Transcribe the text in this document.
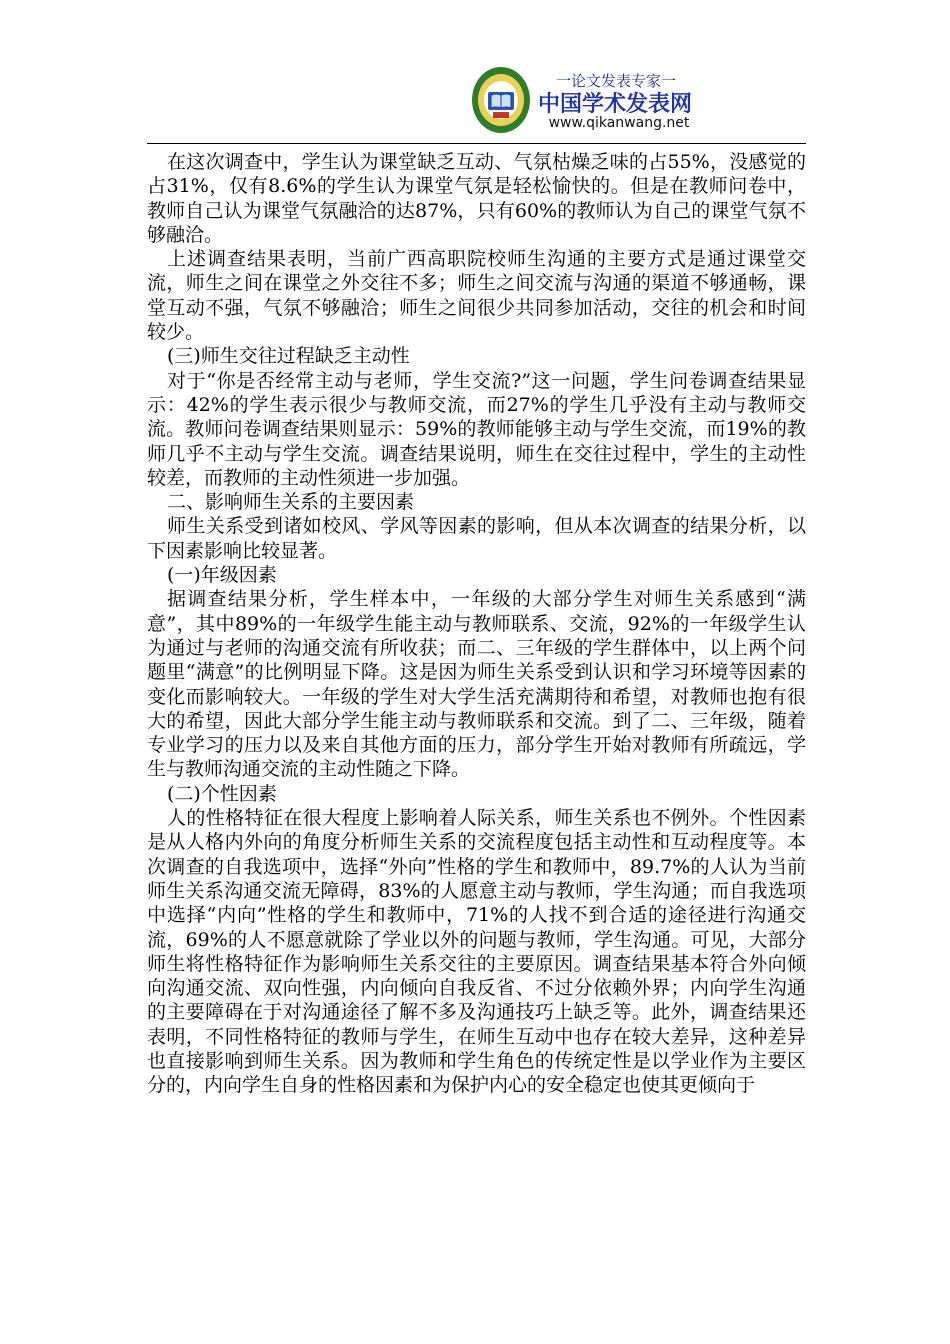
一论文发表专家一
中国学术发表网
www.qikanwang.net

在这次调查中，学生认为课堂缺乏互动、气氛枯燥乏味的占55%，没感觉的占31%，仅有8.6%的学生认为课堂气氛是轻松愉快的。但是在教师问卷中，教师自己认为课堂气氛融洽的达87%，只有60%的教师认为自己的课堂气氛不够融洽。

上述调查结果表明，当前广西高职院校师生沟通的主要方式是通过课堂交流，师生之间在课堂之外交往不多；师生之间交流与沟通的渠道不够通畅，课堂互动不强，气氛不够融洽；师生之间很少共同参加活动，交往的机会和时间较少。

(三)师生交往过程缺乏主动性

对于“你是否经常主动与老师，学生交流?”这一问题，学生问卷调查结果显示：42%的学生表示很少与教师交流，而27%的学生几乎没有主动与教师交流。教师问卷调查结果则显示：59%的教师能够主动与学生交流，而19%的教师几乎不主动与学生交流。调查结果说明，师生在交往过程中，学生的主动性较差，而教师的主动性须进一步加强。

二、影响师生关系的主要因素

师生关系受到诸如校风、学风等因素的影响，但从本次调查的结果分析，以下因素影响比较显著。

(一)年级因素

据调查结果分析，学生样本中，一年级的大部分学生对师生关系感到“满意”，其中89%的一年级学生能主动与教师联系、交流，92%的一年级学生认为通过与老师的沟通交流有所收获；而二、三年级的学生群体中，以上两个问题里“满意”的比例明显下降。这是因为师生关系受到认识和学习环境等因素的变化而影响较大。一年级的学生对大学生活充满期待和希望，对教师也抱有很大的希望，因此大部分学生能主动与教师联系和交流。到了二、三年级，随着专业学习的压力以及来自其他方面的压力，部分学生开始对教师有所疏远，学生与教师沟通交流的主动性随之下降。

(二)个性因素

人的性格特征在很大程度上影响着人际关系，师生关系也不例外。个性因素是从人格内外向的角度分析师生关系的交流程度包括主动性和互动程度等。本次调查的自我选项中，选择“外向”性格的学生和教师中，89.7%的人认为当前师生关系沟通交流无障碍，83%的人愿意主动与教师，学生沟通；而自我选项中选择“内向”性格的学生和教师中，71%的人找不到合适的途径进行沟通交流，69%的人不愿意就除了学业以外的问题与教师，学生沟通。可见，大部分师生将性格特征作为影响师生关系交往的主要原因。调查结果基本符合外向倾向沟通交流、双向性强，内向倾向自我反省、不过分依赖外界；内向学生沟通的主要障碍在于对沟通途径了解不多及沟通技巧上缺乏等。此外，调查结果还表明，不同性格特征的教师与学生，在师生互动中也存在较大差异，这种差异也直接影响到师生关系。因为教师和学生角色的传统定性是以学业作为主要区分的，内向学生自身的性格因素和为保护内心的安全稳定也使其更倾向于
